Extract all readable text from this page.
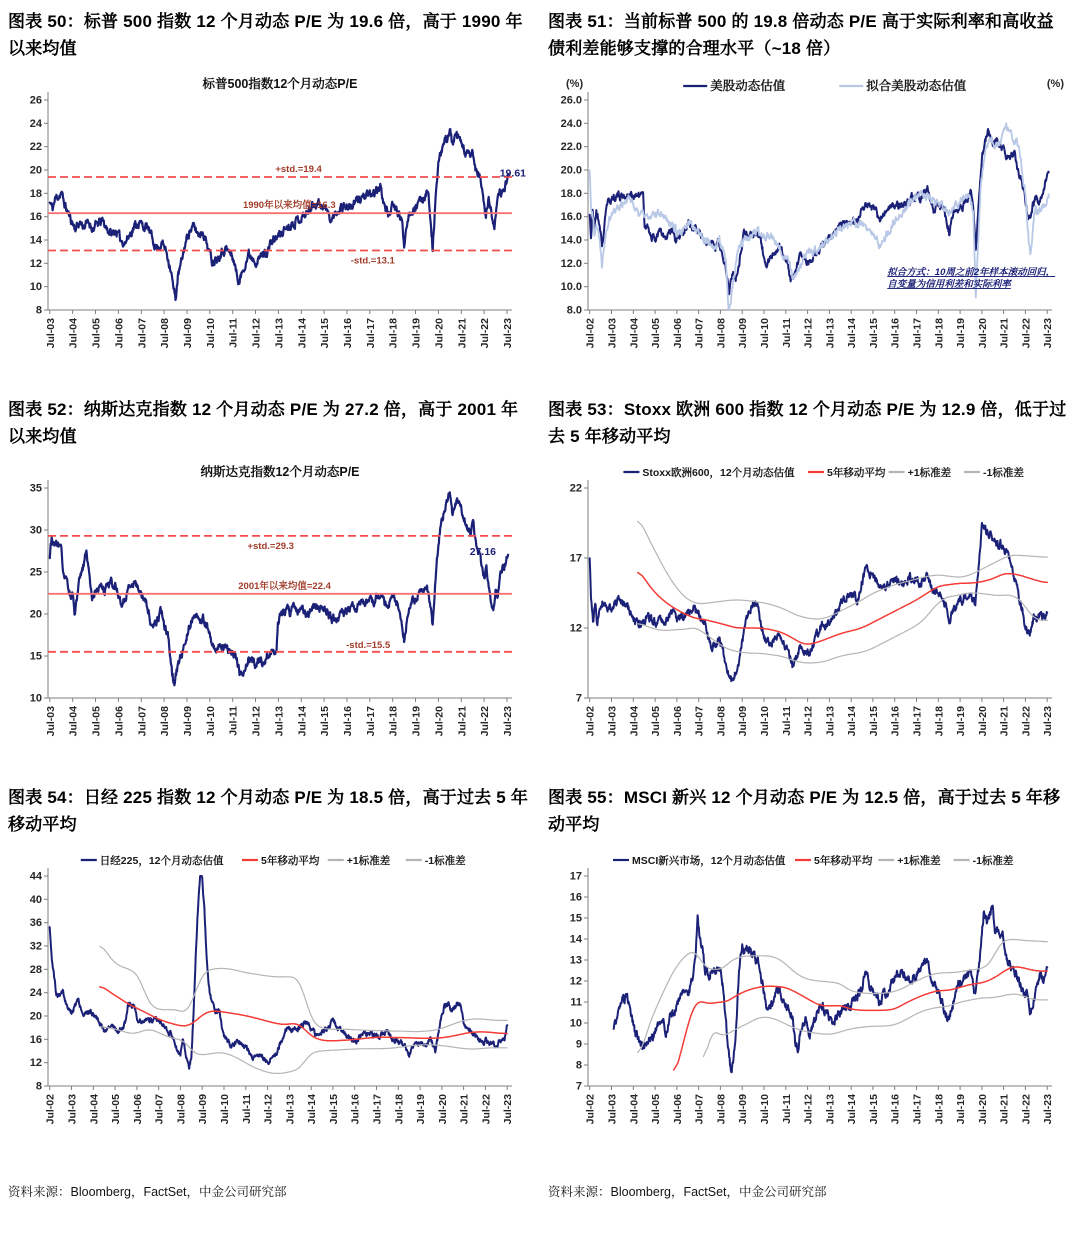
图表 50：标普 500 指数 12 个月动态 P/E 为 19.6 倍，高于 1990 年以来均值
8
10
12
14
16
18
20
22
24
26
Jul-03 Jul-04 Jul-05 Jul-06 Jul-07 Jul-08 Jul-09 Jul-10 Jul-11 Jul-12 Jul-13 Jul-14 Jul-15 Jul-16 Jul-17 Jul-18 Jul-19 Jul-20 Jul-21 Jul-22 Jul-23
+std.=19.4
1990年以来均值=16.3
-std.=13.1
标普500指数12个月动态P/E
19.61
图表 51：当前标普 500 的 19.8 倍动态 P/E 高于实际利率和高收益债利差能够支撑的合理水平（~18 倍）
8.0
10.0
12.0
14.0
16.0
18.0
20.0
22.0
24.0
26.0
Jul-02 Jul-03 Jul-04 Jul-05 Jul-06 Jul-07 Jul-08 Jul-09 Jul-10 Jul-11 Jul-12 Jul-13 Jul-14 Jul-15 Jul-16 Jul-17 Jul-18 Jul-19 Jul-20 Jul-21 Jul-22 Jul-23
拟合方式：10周之前2年样本滚动回归，
自变量为信用利差和实际利率
(%)	(%)
美股动态估值	拟合美股动态估值
图表 52：纳斯达克指数 12 个月动态 P/E 为 27.2 倍，高于 2001 年以来均值
10
15
20
25
30
35
Jul-03 Jul-04 Jul-05 Jul-06 Jul-07 Jul-08 Jul-09 Jul-10 Jul-11 Jul-12 Jul-13 Jul-14 Jul-15 Jul-16 Jul-17 Jul-18 Jul-19 Jul-20 Jul-21 Jul-22 Jul-23
+std.=29.3
2001年以来均值=22.4
-std.=15.5
纳斯达克指数12个月动态P/E
27.16
图表 53：Stoxx 欧洲 600 指数 12 个月动态 P/E 为 12.9 倍，低于过去 5 年移动平均
7
12
17
22
Jul-02 Jul-03 Jul-04 Jul-05 Jul-06 Jul-07 Jul-08 Jul-09 Jul-10 Jul-11 Jul-12 Jul-13 Jul-14 Jul-15 Jul-16 Jul-17 Jul-18 Jul-19 Jul-20 Jul-21 Jul-22 Jul-23
Stoxx欧洲600，12个月动态估值	5年移动平均 +1标准差	-1标准差
图表 54：日经 225 指数 12 个月动态 P/E 为 18.5 倍，高于过去 5 年移动平均
8
12
16
20
24
28
32
36
40
44
Jul-02 Jul-03 Jul-04 Jul-05 Jul-06 Jul-07 Jul-08 Jul-09 Jul-10 Jul-11 Jul-12 Jul-13 Jul-14 Jul-15 Jul-16 Jul-17 Jul-18 Jul-19 Jul-20 Jul-21 Jul-22 Jul-23
日经225，12个月动态估值	5年移动平均	+1标准差	-1标准差
图表 55：MSCI 新兴 12 个月动态 P/E 为 12.5 倍，高于过去 5 年移动平均
7
8
9
10
11
12
13
14
15
16
17
Jul-02 Jul-03 Jul-04 Jul-05 Jul-06 Jul-07 Jul-08 Jul-09 Jul-10 Jul-11 Jul-12 Jul-13 Jul-14 Jul-15 Jul-16 Jul-17 Jul-18 Jul-19 Jul-20 Jul-21 Jul-22 Jul-23
MSCI新兴市场，12个月动态估值	5年移动平均 +1标准差	-1标准差
资料来源：Bloomberg，FactSet，中金公司研究部	资料来源：Bloomberg，FactSet，中金公司研究部
